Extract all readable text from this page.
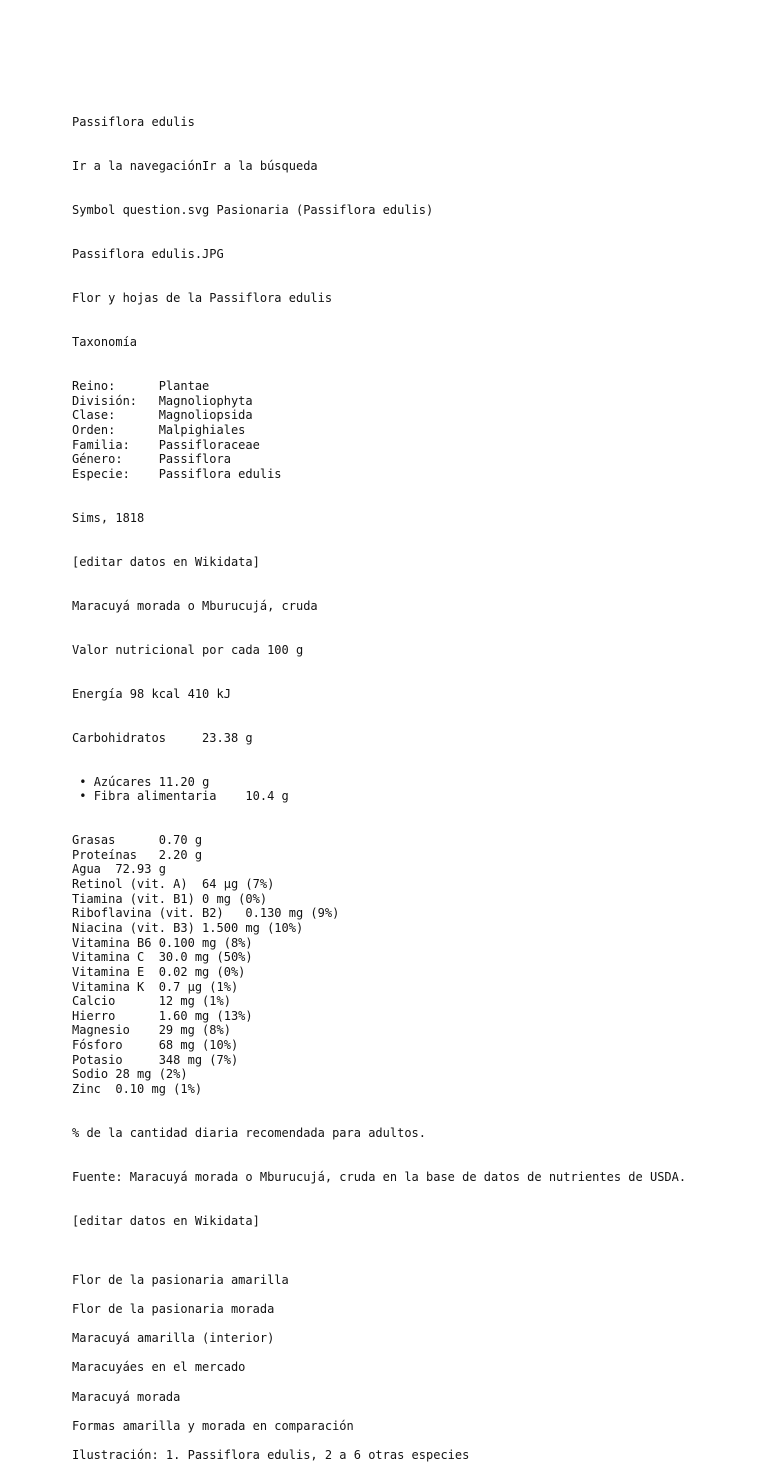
Passiflora edulis

Ir a la navegaciónIr a la búsqueda

Symbol question.svg Pasionaria (Passiflora edulis)

Passiflora edulis.JPG

Flor y hojas de la Passiflora edulis

Taxonomía

Reino:      Plantae
División:   Magnoliophyta
Clase:      Magnoliopsida
Orden:      Malpighiales
Familia:    Passifloraceae
Género:     Passiflora
Especie:    Passiflora edulis

Sims, 1818

[editar datos en Wikidata]

Maracuyá morada o Mburucujá, cruda

Valor nutricional por cada 100 g

Energía 98 kcal 410 kJ

Carbohidratos	23.38 g

• Azúcares 11.20 g
• Fibra alimentaria    10.4 g

Grasas      0.70 g
Proteínas   2.20 g
Agua  72.93 g
Retinol (vit. A)  64 µg (7%)
Tiamina (vit. B1) 0 mg (0%)
Riboflavina (vit. B2)   0.130 mg (9%)
Niacina (vit. B3) 1.500 mg (10%)
Vitamina B6 0.100 mg (8%)
Vitamina C  30.0 mg (50%)
Vitamina E  0.02 mg (0%)
Vitamina K  0.7 µg (1%)
Calcio      12 mg (1%)
Hierro      1.60 mg (13%)
Magnesio    29 mg (8%)
Fósforo     68 mg (10%)
Potasio     348 mg (7%)
Sodio 28 mg (2%)
Zinc  0.10 mg (1%)

% de la cantidad diaria recomendada para adultos.

Fuente: Maracuyá morada o Mburucujá, cruda en la base de datos de nutrientes de USDA.

[editar datos en Wikidata]

Flor de la pasionaria amarilla
Flor de la pasionaria morada
Maracuyá amarilla (interior)
Maracuyáes en el mercado
Maracuyá morada
Formas amarilla y morada en comparación
Ilustración: 1. Passiflora edulis, 2 a 6 otras especies
